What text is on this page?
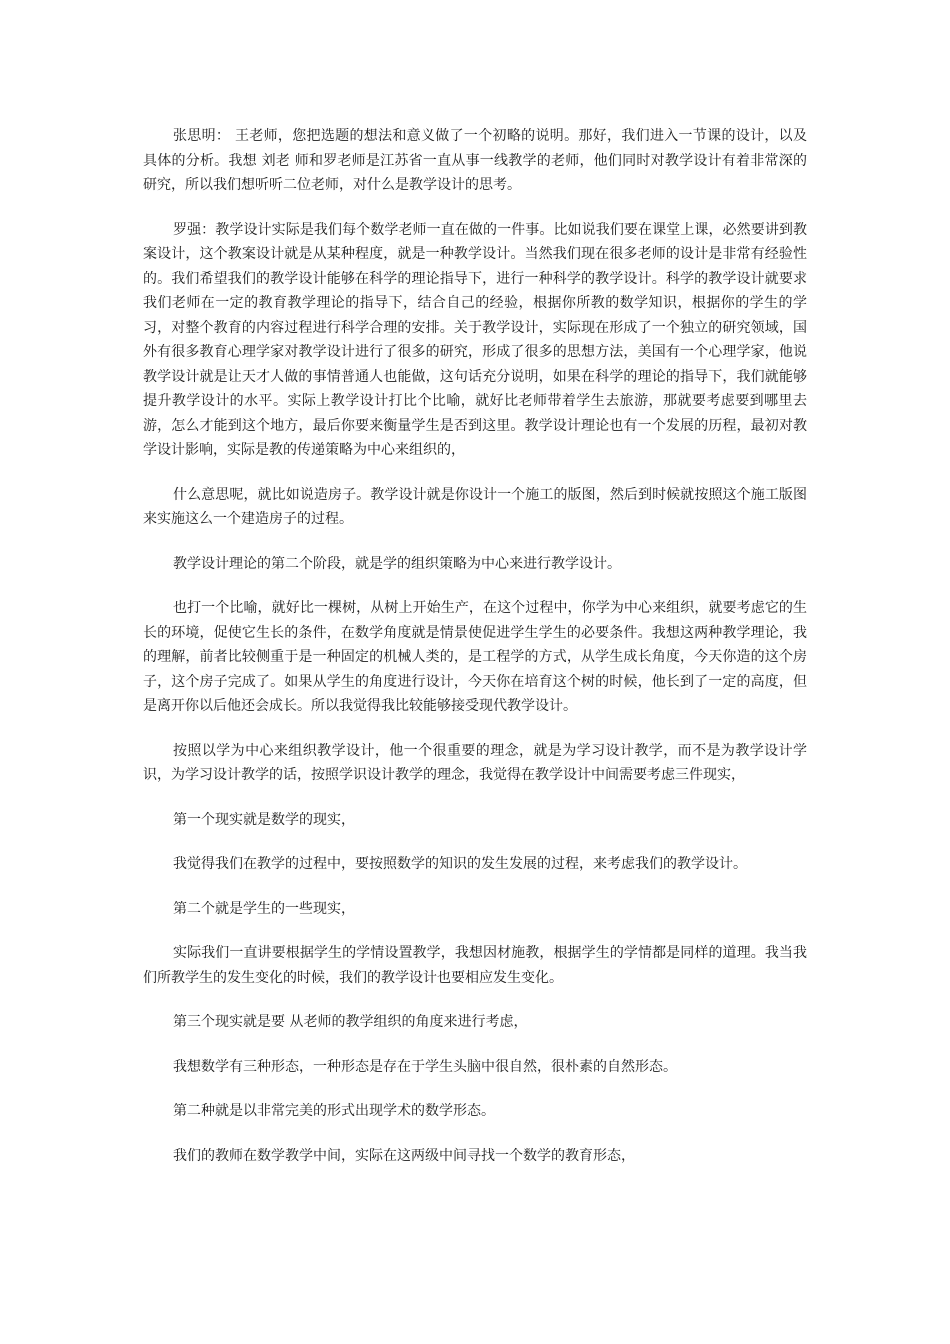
张思明： 王老师，您把选题的想法和意义做了一个初略的说明。那好，我们进入一节课的设计，以及具体的分析。我想 刘老 师和罗老师是江苏省一直从事一线教学的老师，他们同时对教学设计有着非常深的研究，所以我们想听听二位老师，对什么是教学设计的思考。

罗强：教学设计实际是我们每个数学老师一直在做的一件事。比如说我们要在课堂上课，必然要讲到教案设计，这个教案设计就是从某种程度，就是一种教学设计。当然我们现在很多老师的设计是非常有经验性的。我们希望我们的教学设计能够在科学的理论指导下，进行一种科学的教学设计。科学的教学设计就要求我们老师在一定的教育教学理论的指导下，结合自己的经验，根据你所教的数学知识，根据你的学生的学习，对整个教育的内容过程进行科学合理的安排。关于教学设计，实际现在形成了一个独立的研究领域，国外有很多教育心理学家对教学设计进行了很多的研究，形成了很多的思想方法，美国有一个心理学家，他说教学设计就是让天才人做的事情普通人也能做，这句话充分说明，如果在科学的理论的指导下，我们就能够提升教学设计的水平。实际上教学设计打比个比喻，就好比老师带着学生去旅游，那就要考虑要到哪里去游，怎么才能到这个地方，最后你要来衡量学生是否到这里。教学设计理论也有一个发展的历程，最初对教学设计影响，实际是教的传递策略为中心来组织的，

什么意思呢，就比如说造房子。教学设计就是你设计一个施工的版图，然后到时候就按照这个施工版图来实施这么一个建造房子的过程。

教学设计理论的第二个阶段，就是学的组织策略为中心来进行教学设计。

也打一个比喻，就好比一棵树，从树上开始生产，在这个过程中，你学为中心来组织，就要考虑它的生长的环境，促使它生长的条件，在数学角度就是情景使促进学生学生的必要条件。我想这两种教学理论，我的理解，前者比较侧重于是一种固定的机械人类的，是工程学的方式，从学生成长角度，今天你造的这个房子，这个房子完成了。如果从学生的角度进行设计，今天你在培育这个树的时候，他长到了一定的高度，但是离开你以后他还会成长。所以我觉得我比较能够接受现代教学设计。

按照以学为中心来组织教学设计，他一个很重要的理念，就是为学习设计教学，而不是为教学设计学识，为学习设计教学的话，按照学识设计教学的理念，我觉得在教学设计中间需要考虑三件现实，

第一个现实就是数学的现实，

我觉得我们在教学的过程中，要按照数学的知识的发生发展的过程，来考虑我们的教学设计。

第二个就是学生的一些现实，

实际我们一直讲要根据学生的学情设置教学，我想因材施教，根据学生的学情都是同样的道理。我当我们所教学生的发生变化的时候，我们的教学设计也要相应发生变化。

第三个现实就是要 从老师的教学组织的角度来进行考虑，

我想数学有三种形态，一种形态是存在于学生头脑中很自然，很朴素的自然形态。

第二种就是以非常完美的形式出现学术的数学形态。

我们的教师在数学教学中间，实际在这两级中间寻找一个数学的教育形态，
